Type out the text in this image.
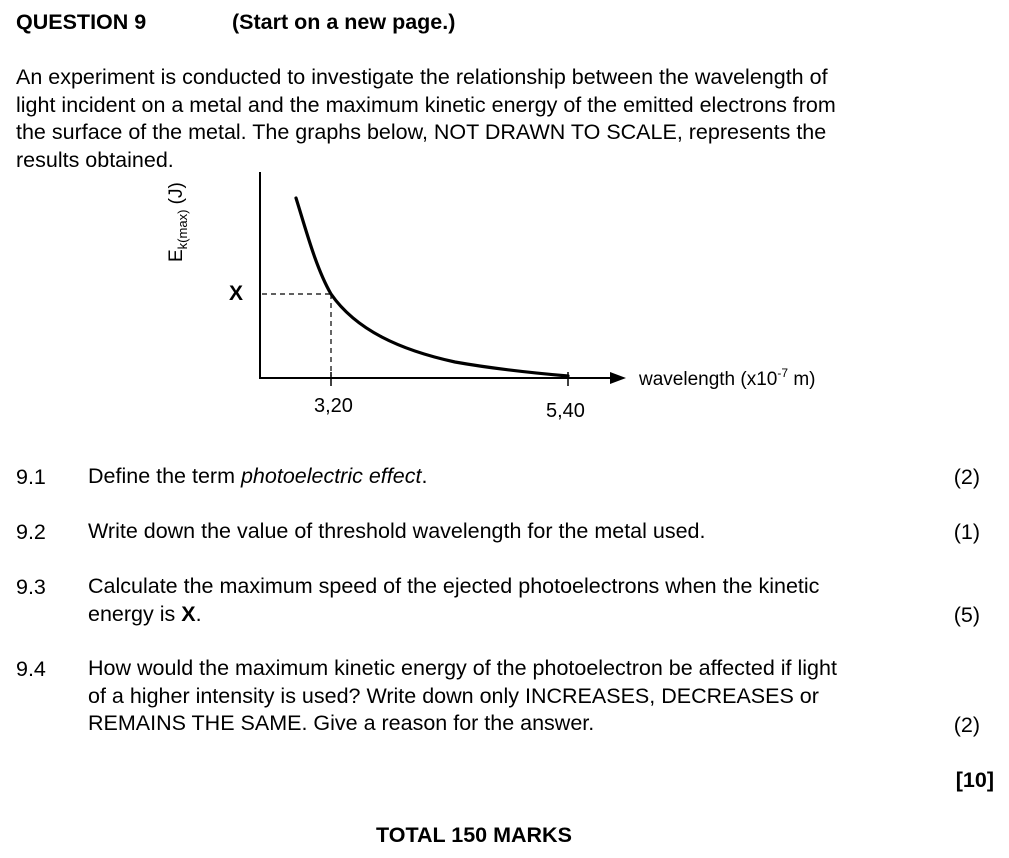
QUESTION 9	(Start on a new page.)
An experiment is conducted to investigate the relationship between the wavelength of
light incident on a metal and the maximum kinetic energy of the emitted electrons from
the surface of the metal. The graphs below, NOT DRAWN TO SCALE, represents the
results obtained.
$E_{k(max)}$ (J)
X
3,20	5,40
wavelength ($x10^{-7}$ m)
9.1 Define the term photoelectric effect.	(2)
9.2 Write down the value of threshold wavelength for the metal used.	(1)
9.3 Calculate the maximum speed of the ejected photoelectrons when the kinetic
energy is X.	(5)
9.4 How would the maximum kinetic energy of the photoelectron be affected if light
of a higher intensity is used? Write down only INCREASES, DECREASES or
REMAINS THE SAME. Give a reason for the answer.	(2)
[10]
TOTAL 150 MARKS
